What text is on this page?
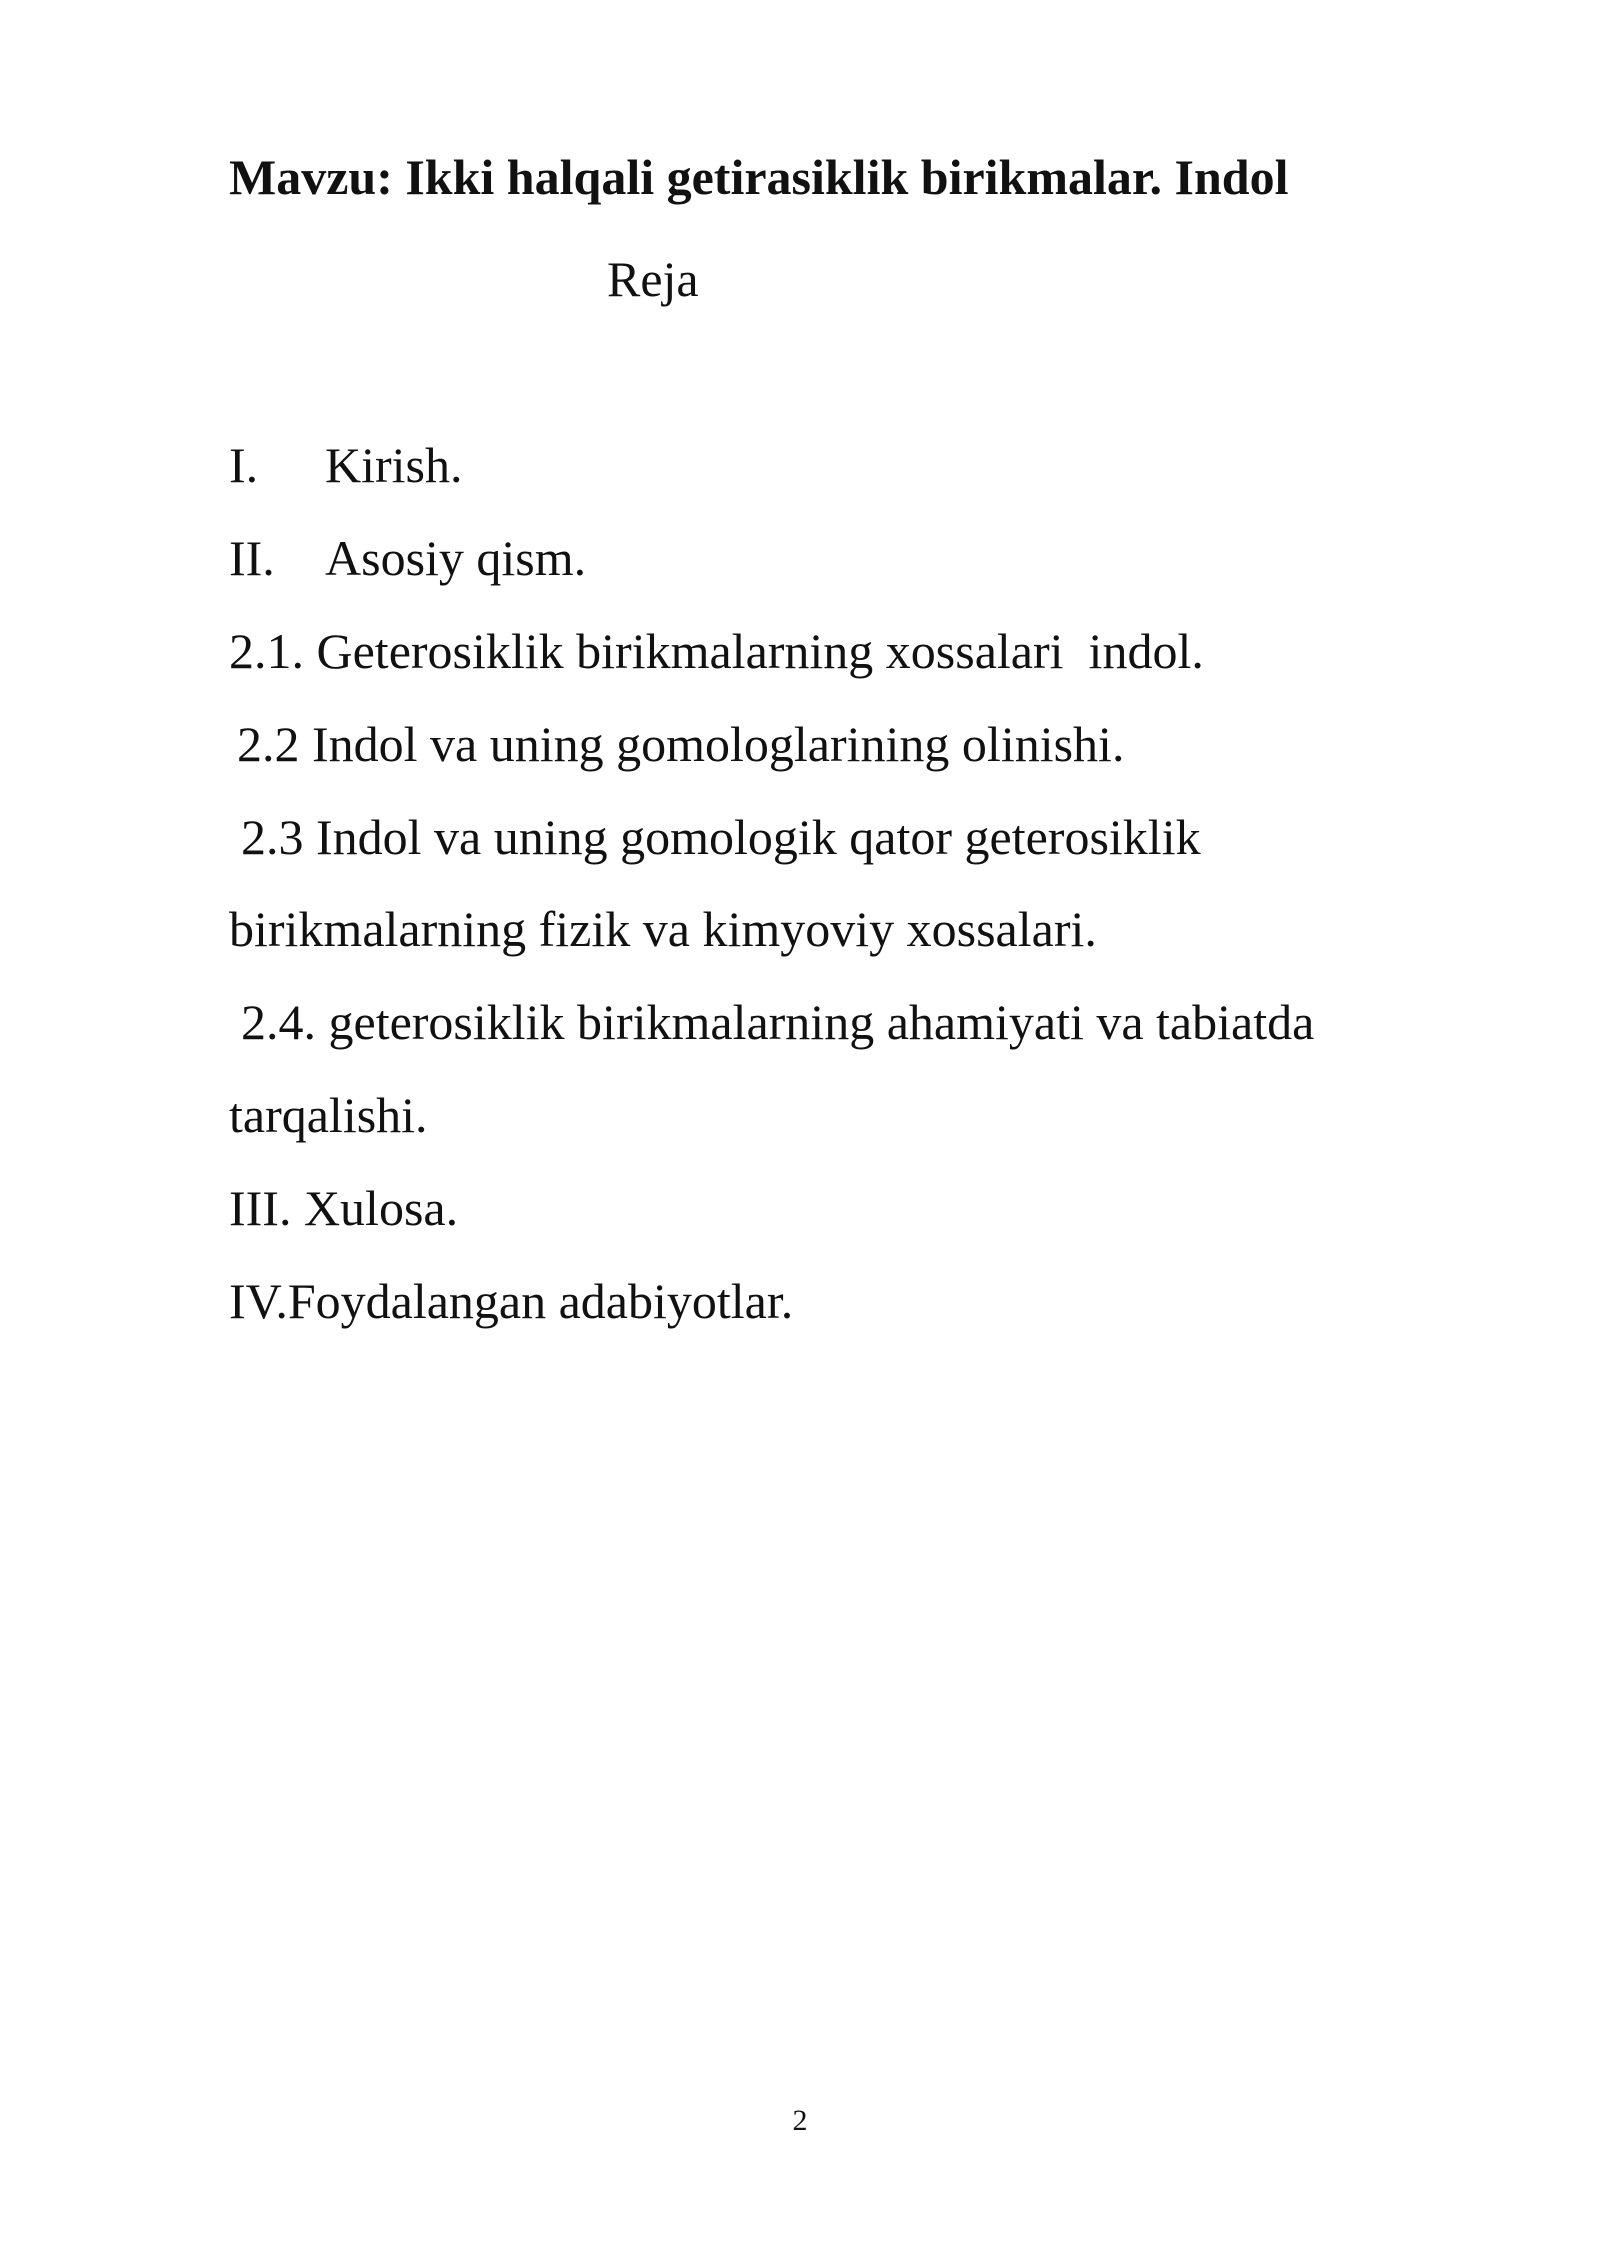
Mavzu: Ikki halqali getirasiklik birikmalar. Indol
Reja
I. Kirish.
II. Asosiy qism.
2.1. Geterosiklik birikmalarning xossalari  indol.
2.2 Indol va uning gomologlarining olinishi.
2.3 Indol va uning gomologik qator geterosiklik
birikmalarning fizik va kimyoviy xossalari.
2.4. geterosiklik birikmalarning ahamiyati va tabiatda
tarqalishi.
III. Xulosa.
IV.Foydalangan adabiyotlar.
2
